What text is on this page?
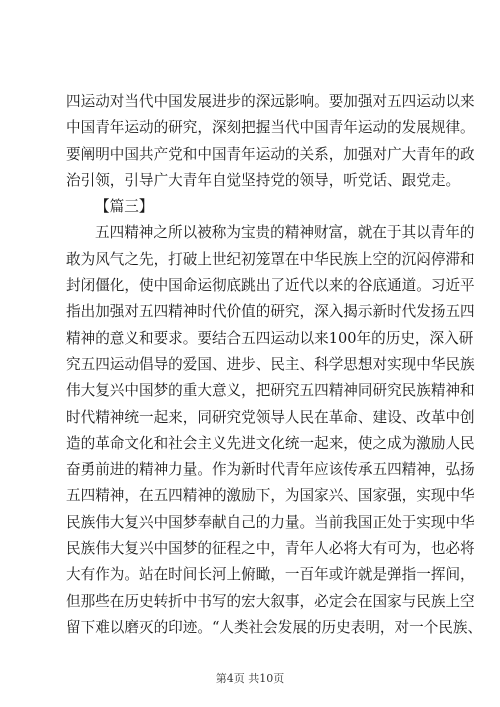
四运动对当代中国发展进步的深远影响。要加强对五四运动以来
中国青年运动的研究，深刻把握当代中国青年运动的发展规律。
要阐明中国共产党和中国青年运动的关系，加强对广大青年的政
治引领，引导广大青年自觉坚持党的领导，听党话、跟党走。
【篇三】
五四精神之所以被称为宝贵的精神财富，就在于其以青年的
敢为风气之先，打破上世纪初笼罩在中华民族上空的沉闷停滞和
封闭僵化，使中国命运彻底跳出了近代以来的谷底通道。习近平
指出加强对五四精神时代价值的研究，深入揭示新时代发扬五四
精神的意义和要求。要结合五四运动以来100年的历史，深入研
究五四运动倡导的爱国、进步、民主、科学思想对实现中华民族
伟大复兴中国梦的重大意义，把研究五四精神同研究民族精神和
时代精神统一起来，同研究党领导人民在革命、建设、改革中创
造的革命文化和社会主义先进文化统一起来，使之成为激励人民
奋勇前进的精神力量。作为新时代青年应该传承五四精神，弘扬
五四精神，在五四精神的激励下，为国家兴、国家强，实现中华
民族伟大复兴中国梦奉献自己的力量。当前我国正处于实现中华
民族伟大复兴中国梦的征程之中，青年人必将大有可为，也必将
大有作为。站在时间长河上俯瞰，一百年或许就是弹指一挥间，
但那些在历史转折中书写的宏大叙事，必定会在国家与民族上空
留下难以磨灭的印迹。“人类社会发展的历史表明，对一个民族、
第4页 共10页
